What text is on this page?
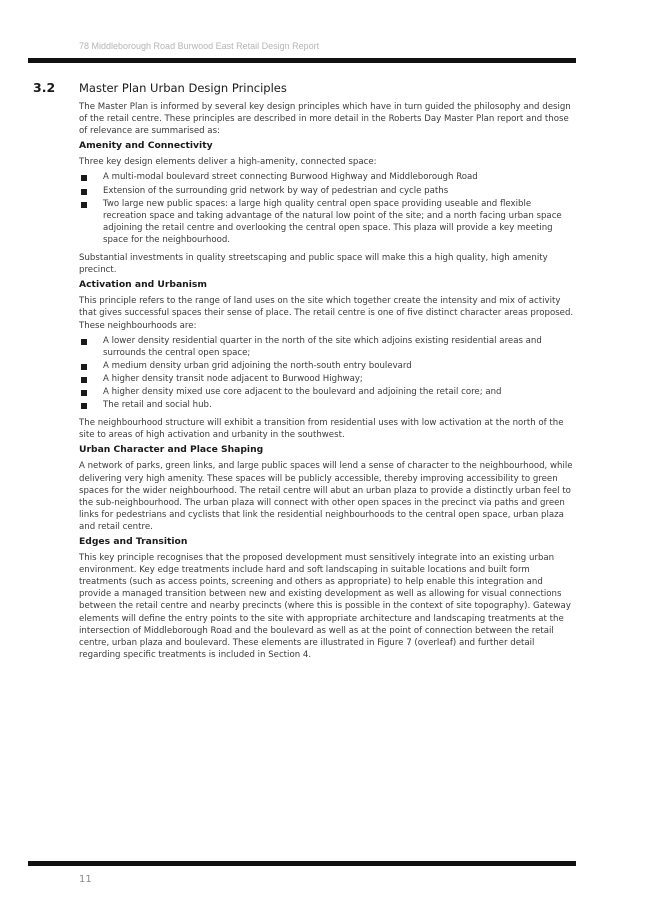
78 Middleborough Road Burwood East Retail Design Report
3.2 Master Plan Urban Design Principles

The Master Plan is informed by several key design principles which have in turn guided the philosophy and design of the retail centre. These principles are described in more detail in the Roberts Day Master Plan report and those of relevance are summarised as:

Amenity and Connectivity

Three key design elements deliver a high-amenity, connected space:

A multi-modal boulevard street connecting Burwood Highway and Middleborough Road
Extension of the surrounding grid network by way of pedestrian and cycle paths
Two large new public spaces: a large high quality central open space providing useable and flexible recreation space and taking advantage of the natural low point of the site; and a north facing urban space adjoining the retail centre and overlooking the central open space. This plaza will provide a key meeting space for the neighbourhood.

Substantial investments in quality streetscaping and public space will make this a high quality, high amenity precinct.

Activation and Urbanism

This principle refers to the range of land uses on the site which together create the intensity and mix of activity that gives successful spaces their sense of place. The retail centre is one of five distinct character areas proposed. These neighbourhoods are:

A lower density residential quarter in the north of the site which adjoins existing residential areas and surrounds the central open space;
A medium density urban grid adjoining the north-south entry boulevard
A higher density transit node adjacent to Burwood Highway;
A higher density mixed use core adjacent to the boulevard and adjoining the retail core; and
The retail and social hub.

The neighbourhood structure will exhibit a transition from residential uses with low activation at the north of the site to areas of high activation and urbanity in the southwest.

Urban Character and Place Shaping

A network of parks, green links, and large public spaces will lend a sense of character to the neighbourhood, while delivering very high amenity. These spaces will be publicly accessible, thereby improving accessibility to green spaces for the wider neighbourhood. The retail centre will abut an urban plaza to provide a distinctly urban feel to the sub-neighbourhood. The urban plaza will connect with other open spaces in the precinct via paths and green links for pedestrians and cyclists that link the residential neighbourhoods to the central open space, urban plaza and retail centre.

Edges and Transition

This key principle recognises that the proposed development must sensitively integrate into an existing urban environment. Key edge treatments include hard and soft landscaping in suitable locations and built form treatments (such as access points, screening and others as appropriate) to help enable this integration and provide a managed transition between new and existing development as well as allowing for visual connections between the retail centre and nearby precincts (where this is possible in the context of site topography). Gateway elements will define the entry points to the site with appropriate architecture and landscaping treatments at the intersection of Middleborough Road and the boulevard as well as at the point of connection between the retail centre, urban plaza and boulevard. These elements are illustrated in Figure 7 (overleaf) and further detail regarding specific treatments is included in Section 4.

11
